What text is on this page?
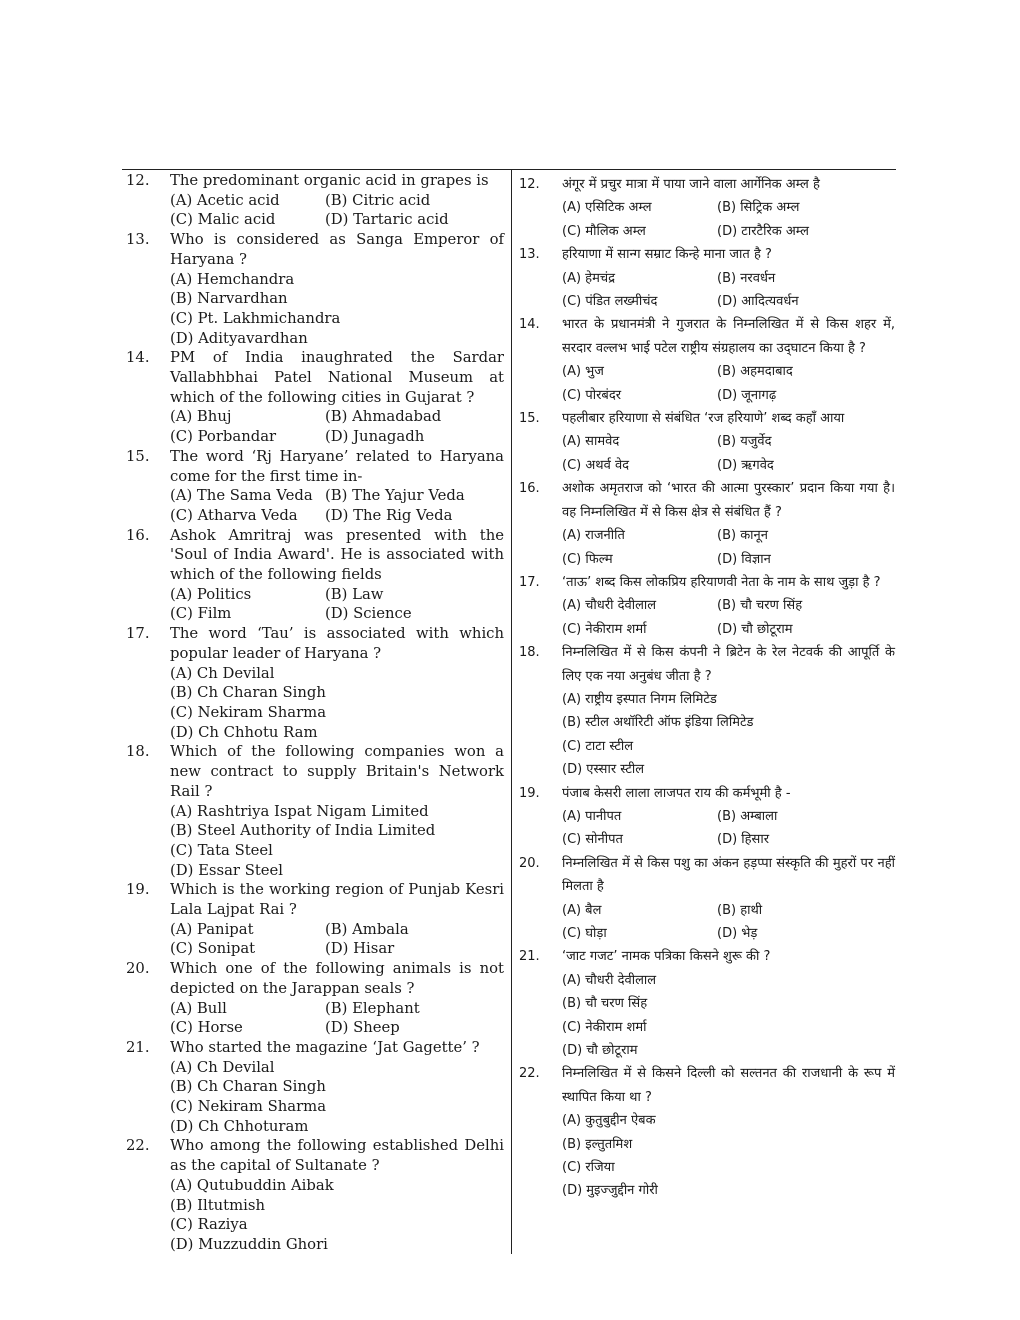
12.	The predominant organic acid in grapes is
(A) Acetic acid	(B) Citric acid
(C) Malic acid	(D) Tartaric acid
13.	Who is considered as Sanga Emperor of Haryana ?
(A) Hemchandra
(B) Narvardhan
(C) Pt. Lakhmichandra
(D) Adityavardhan
14.	PM of India inaughrated the Sardar Vallabhbhai Patel National Museum at which of the following cities in Gujarat ?
(A) Bhuj	(B) Ahmadabad
(C) Porbandar	(D) Junagadh
15.	The word ‘Rj Haryane’ related to Haryana come for the first time in-
(A) The Sama Veda (B) The Yajur Veda
(C) Atharva Veda	(D) The Rig Veda
16.	Ashok Amritraj was presented with the 'Soul of India Award'. He is associated with which of the following fields
(A) Politics	(B) Law
(C) Film	(D) Science
17.	The word ‘Tau’ is associated with which popular leader of Haryana ?
(A) Ch Devilal
(B) Ch Charan Singh
(C) Nekiram Sharma
(D) Ch Chhotu Ram
18.	Which of the following companies won a new contract to supply Britain's Network Rail ?
(A) Rashtriya Ispat Nigam Limited
(B) Steel Authority of India Limited
(C) Tata Steel
(D) Essar Steel
19.	Which is the working region of Punjab Kesri Lala Lajpat Rai ?
(A) Panipat	(B) Ambala
(C) Sonipat	(D) Hisar
20.	Which one of the following animals is not depicted on the Jarappan seals ?
(A) Bull	(B) Elephant
(C) Horse	(D) Sheep
21.	Who started the magazine ‘Jat Gagette’ ?
(A) Ch Devilal
(B) Ch Charan Singh
(C) Nekiram Sharma
(D) Ch Chhoturam
22.	Who among the following established Delhi as the capital of Sultanate ?
(A) Qutubuddin Aibak
(B) Iltutmish
(C) Raziya
(D) Muzzuddin Ghori
12.	अंगूर में प्रचुर मात्रा में पाया जाने वाला आर्गेनिक अम्ल है
(A) एसिटिक अम्ल	(B) सिट्रिक अम्ल
(C) मौलिक अम्ल	(D) टारटैरिक अम्ल
13.	हरियाणा में सान्ग सम्राट किन्हे माना जात है ?
(A) हेमचंद्र	(B) नरवर्धन
(C) पंडित लख्मीचंद	(D) आदित्यवर्धन
14.	भारत के प्रधानमंत्री ने गुजरात के निम्नलिखित में से किस शहर में, सरदार वल्लभ भाई पटेल राष्ट्रीय संग्रहालय का उद्‌घाटन किया है ?
(A) भुज	(B) अहमदाबाद
(C) पोरबंदर	(D) जूनागढ़
15.	पहलीबार हरियाणा से संबंधित ‘रज हरियाणे’ शब्द कहाँ आया
(A) सामवेद	(B) यजुर्वेद
(C) अथर्व वेद	(D) ऋगवेद
16.	अशोक अमृतराज को ‘भारत की आत्मा पुरस्कार’ प्रदान किया गया है। वह निम्नलिखित में से किस क्षेत्र से संबंधित हैं ?
(A) राजनीति	(B) कानून
(C) फिल्म	(D) विज्ञान
17.	‘ताऊ’ शब्द किस लोकप्रिय हरियाणवी नेता के नाम के साथ जुड़ा है ?
(A) चौधरी देवीलाल	(B) चौ चरण सिंह
(C) नेकीराम शर्मा	(D) चौ छोटूराम
18.	निम्नलिखित में से किस कंपनी ने ब्रिटेन के रेल नेटवर्क की आपूर्ति के लिए एक नया अनुबंध जीता है ?
(A) राष्ट्रीय इस्पात निगम लिमिटेड
(B) स्टील अथॉरिटी ऑफ इंडिया लिमिटेड
(C) टाटा स्टील
(D) एस्सार स्टील
19.	पंजाब केसरी लाला लाजपत राय की कर्मभूमी है -
(A) पानीपत	(B) अम्बाला
(C) सोनीपत	(D) हिसार
20.	निम्नलिखित में से किस पशु का अंकन हड़प्पा संस्कृति की मुहरों पर नहीं मिलता है
(A) बैल	(B) हाथी
(C) घोड़ा	(D) भेड़
21.	‘जाट गजट’ नामक पत्रिका किसने शुरू की ?
(A) चौधरी देवीलाल
(B) चौ चरण सिंह
(C) नेकीराम शर्मा
(D) चौ छोटूराम
22.	निम्नलिखित में से किसने दिल्ली को सल्तनत की राजधानी के रूप में स्थापित किया था ?
(A) कुतुबुद्दीन ऐबक
(B) इल्तुतमिश
(C) रजिया
(D) मुइज्जुद्दीन गोरी
